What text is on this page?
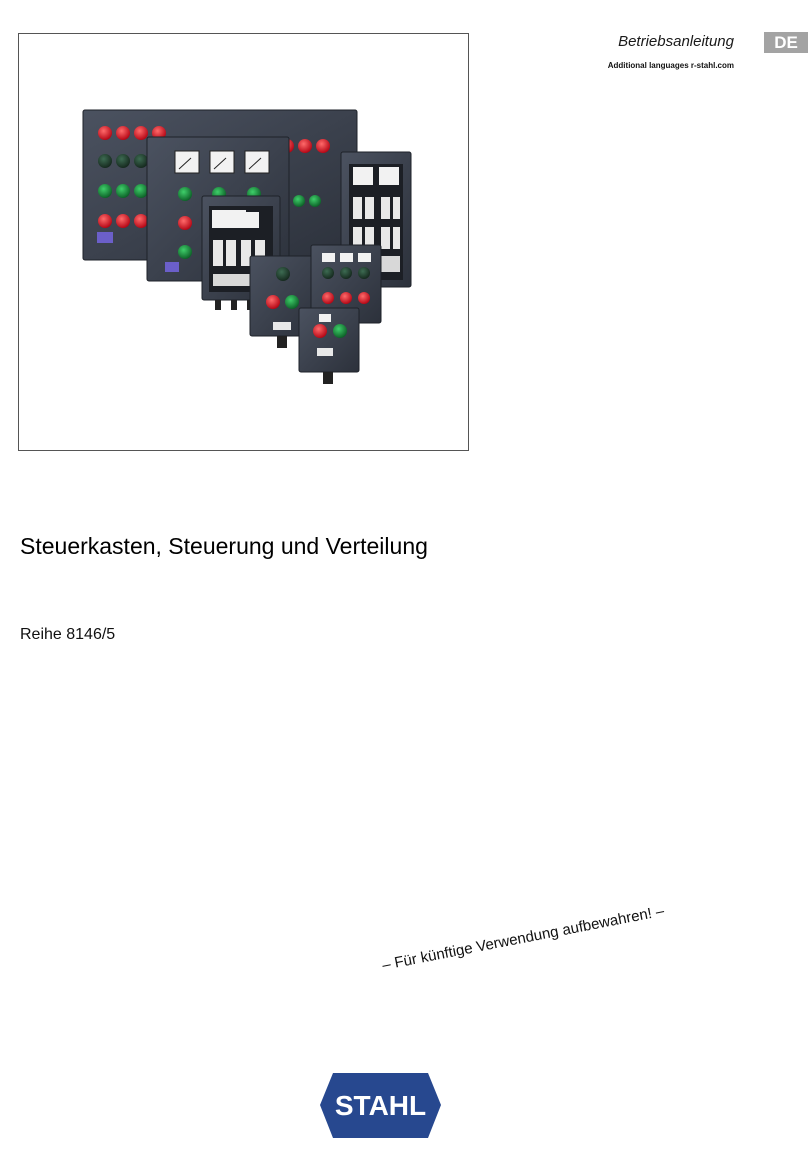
Betriebsanleitung	DE
Additional languages r-stahl.com
Steuerkasten, Steuerung und Verteilung
Reihe 8146/5
– Für künftige Verwendung aufbewahren! –
STAHL
